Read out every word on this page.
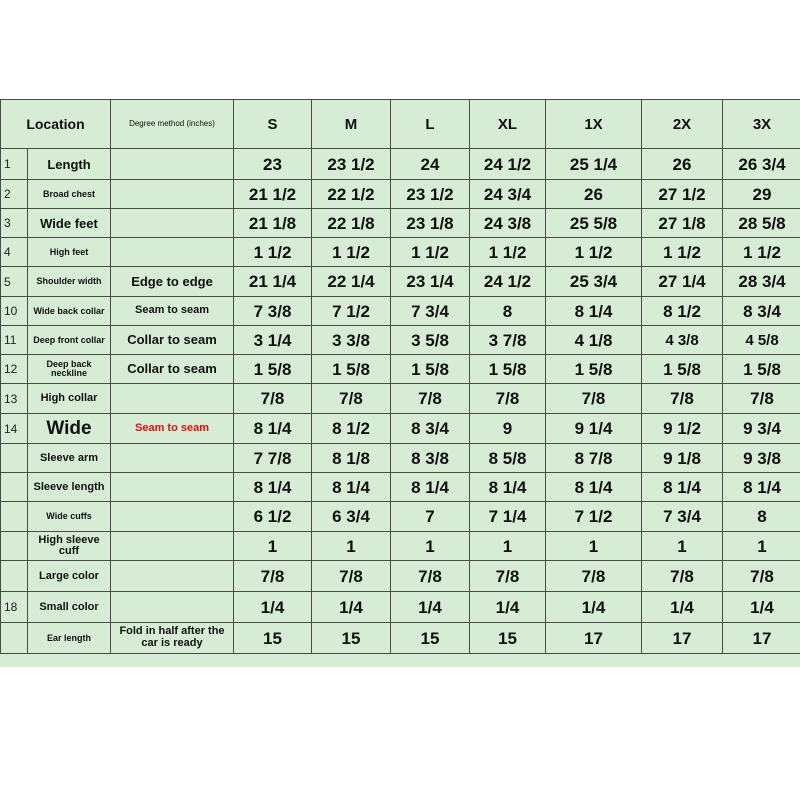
Location		Degree method (inches)	S	M	L	XL	1X	2X	3X
1	Length		23	23 1/2	24	24 1/2	25 1/4	26	26 3/4
2	Broad chest		21 1/2	22 1/2	23 1/2	24 3/4	26	27 1/2	29
3	Wide feet		21 1/8	22 1/8	23 1/8	24 3/8	25 5/8	27 1/8	28 5/8
4	High feet		1 1/2	1 1/2	1 1/2	1 1/2	1 1/2	1 1/2	1 1/2
5	Shoulder width	Edge to edge	21 1/4	22 1/4	23 1/4	24 1/2	25 3/4	27 1/4	28 3/4
10	Wide back collar	Seam to seam	7 3/8	7 1/2	7 3/4	8	8 1/4	8 1/2	8 3/4
11	Deep front collar	Collar to seam	3 1/4	3 3/8	3 5/8	3 7/8	4 1/8	4 3/8	4 5/8
12	Deep back neckline	Collar to seam	1 5/8	1 5/8	1 5/8	1 5/8	1 5/8	1 5/8	1 5/8
13	High collar		7/8	7/8	7/8	7/8	7/8	7/8	7/8
14	Wide	Seam to seam	8 1/4	8 1/2	8 3/4	9	9 1/4	9 1/2	9 3/4
	Sleeve arm		7 7/8	8 1/8	8 3/8	8 5/8	8 7/8	9 1/8	9 3/8
	Sleeve length		8 1/4	8 1/4	8 1/4	8 1/4	8 1/4	8 1/4	8 1/4
	Wide cuffs		6 1/2	6 3/4	7	7 1/4	7 1/2	7 3/4	8
	High sleeve cuff		1	1	1	1	1	1	1
	Large color		7/8	7/8	7/8	7/8	7/8	7/8	7/8
18	Small color		1/4	1/4	1/4	1/4	1/4	1/4	1/4
	Ear length	Fold in half after the car is ready	15	15	15	15	17	17	17
